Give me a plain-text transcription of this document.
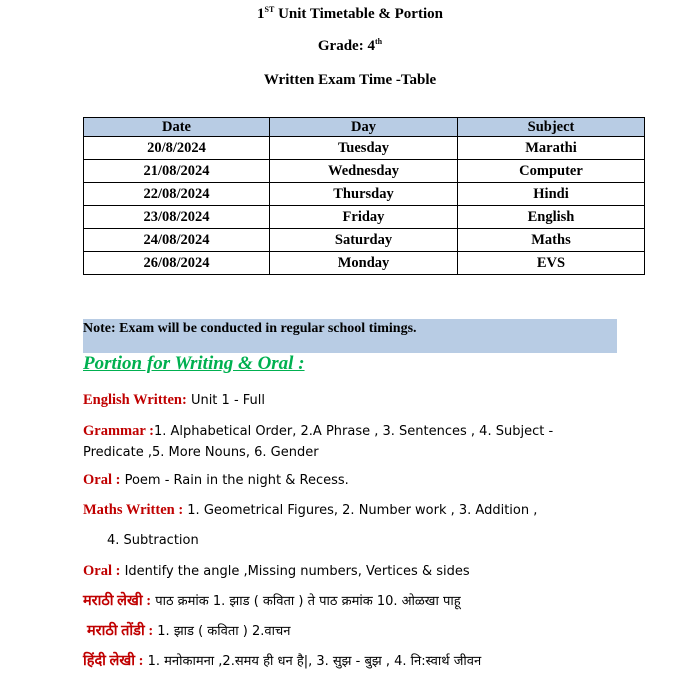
1ST Unit Timetable & Portion
Grade: 4th
Written Exam Time -Table
Date	Day	Subject
20/8/2024	Tuesday	Marathi
21/08/2024	Wednesday	Computer
22/08/2024	Thursday	Hindi
23/08/2024	Friday	English
24/08/2024	Saturday	Maths
26/08/2024	Monday	EVS
Note: Exam will be conducted in regular school timings.
Portion for Writing & Oral :
English Written: Unit 1 - Full
Grammar :1. Alphabetical Order, 2.A Phrase , 3. Sentences , 4. Subject - Predicate ,5. More Nouns, 6. Gender
Oral : Poem - Rain in the night & Recess.
Maths Written : 1. Geometrical Figures, 2. Number work , 3. Addition ,
4. Subtraction
Oral : Identify the angle ,Missing numbers, Vertices & sides
मराठी लेखी : पाठ क्रमांक 1. झाड ( कविता ) ते पाठ क्रमांक 10. ओळखा पाहू
मराठी तोंडी : 1. झाड ( कविता ) 2.वाचन
हिंदी लेखी : 1. मनोकामना ,2.समय ही धन है|, 3. सुझ - बुझ , 4. नि:स्वार्थ जीवन
